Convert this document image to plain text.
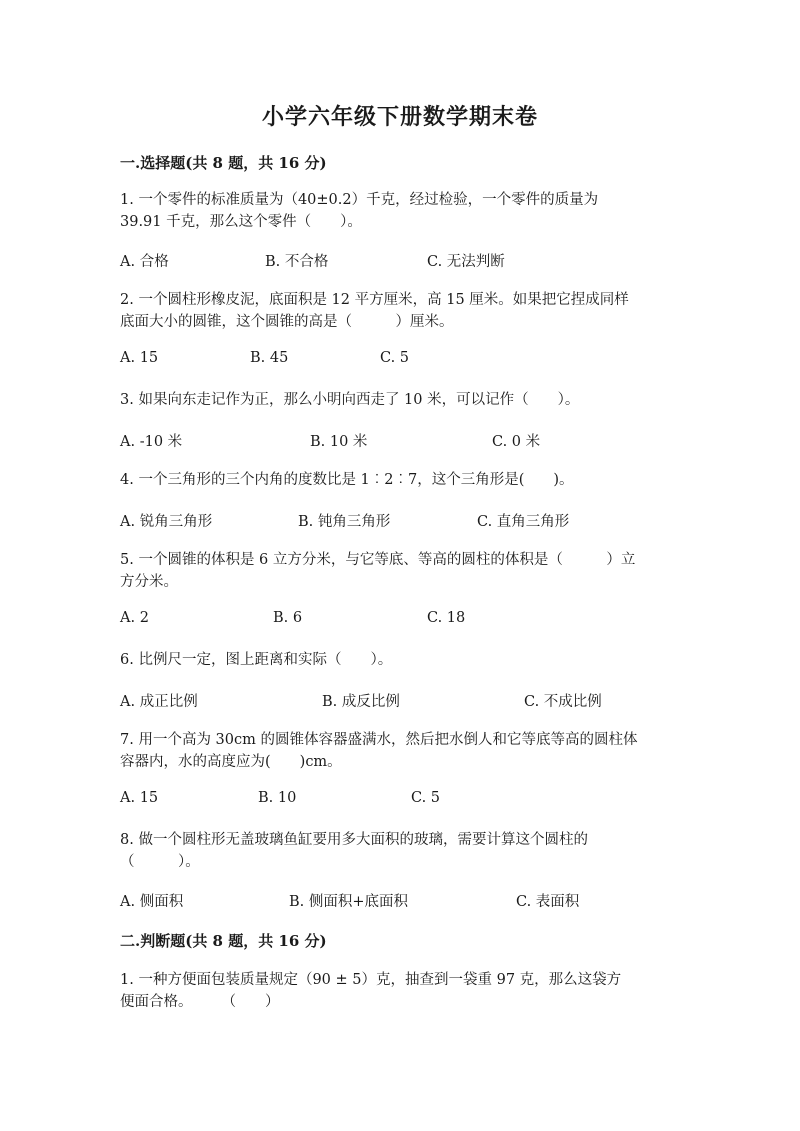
小学六年级下册数学期末卷
一.选择题(共 8 题，共 16 分)
1. 一个零件的标准质量为（40±0.2）千克，经过检验，一个零件的质量为
39.91 千克，那么这个零件（　　）。
A. 合格	B. 不合格	C. 无法判断
2. 一个圆柱形橡皮泥，底面积是 12 平方厘米，高 15 厘米。如果把它捏成同样
底面大小的圆锥，这个圆锥的高是（　　　）厘米。
A. 15	B. 45	C. 5
3. 如果向东走记作为正，那么小明向西走了 10 米，可以记作（　　）。
A. -10 米	B. 10 米	C. 0 米
4. 一个三角形的三个内角的度数比是 1︰2︰7，这个三角形是(　　)。
A. 锐角三角形	B. 钝角三角形	C. 直角三角形
5. 一个圆锥的体积是 6 立方分米，与它等底、等高的圆柱的体积是（　　　）立
方分米。
A. 2	B. 6	C. 18
6. 比例尺一定，图上距离和实际（　　）。
A. 成正比例	B. 成反比例	C. 不成比例
7. 用一个高为 30cm 的圆锥体容器盛满水，然后把水倒人和它等底等高的圆柱体
容器内，水的高度应为(　　)cm。
A. 15	B. 10	C. 5
8. 做一个圆柱形无盖玻璃鱼缸要用多大面积的玻璃，需要计算这个圆柱的
（　　　）。
A. 侧面积	B. 侧面积+底面积	C. 表面积
二.判断题(共 8 题，共 16 分)
1. 一种方便面包装质量规定（90 ± 5）克，抽查到一袋重 97 克，那么这袋方
便面合格。　　　（　　）
